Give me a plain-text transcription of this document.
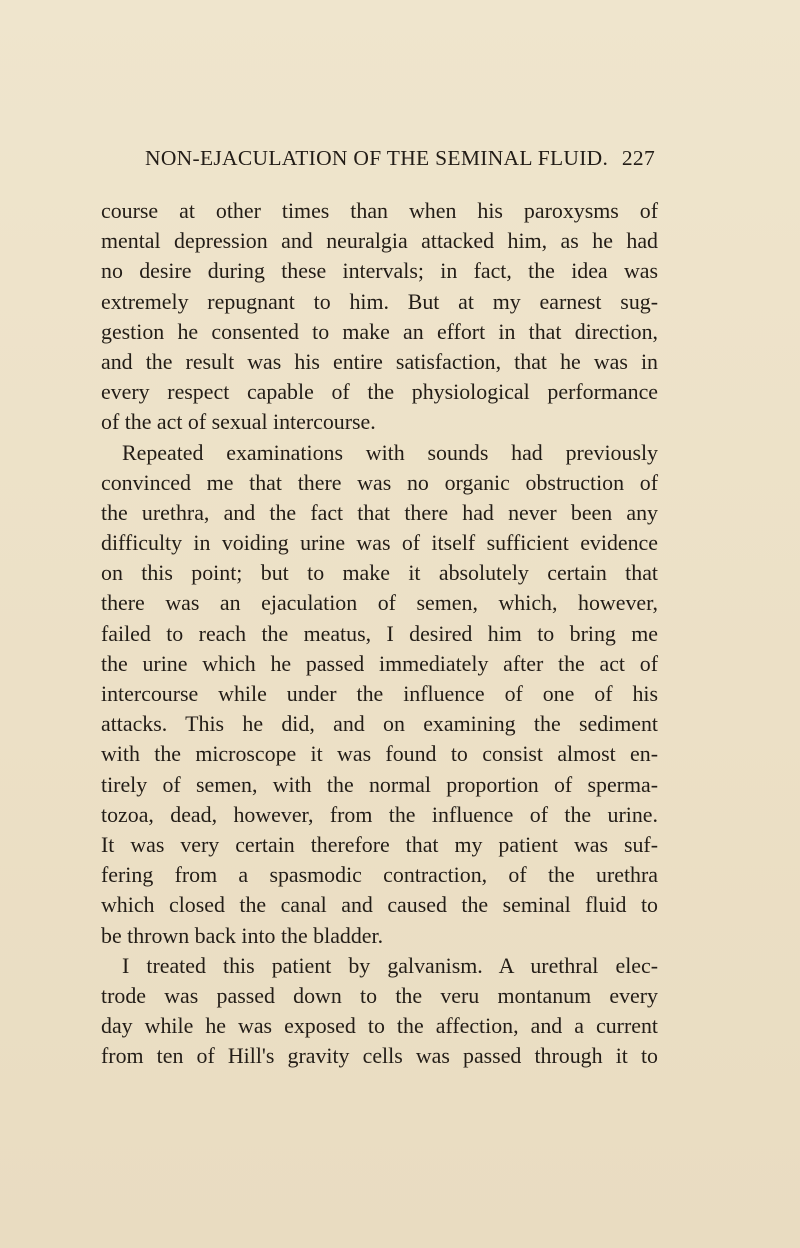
NON-EJACULATION OF THE SEMINAL FLUID. 227
course at other times than when his paroxysms of
mental depression and neuralgia attacked him, as he had
no desire during these intervals; in fact, the idea was
extremely repugnant to him. But at my earnest sug-
gestion he consented to make an effort in that direction,
and the result was his entire satisfaction, that he was in
every respect capable of the physiological performance
of the act of sexual intercourse.
Repeated examinations with sounds had previously
convinced me that there was no organic obstruction of
the urethra, and the fact that there had never been any
difficulty in voiding urine was of itself sufficient evidence
on this point; but to make it absolutely certain that
there was an ejaculation of semen, which, however,
failed to reach the meatus, I desired him to bring me
the urine which he passed immediately after the act of
intercourse while under the influence of one of his
attacks. This he did, and on examining the sediment
with the microscope it was found to consist almost en-
tirely of semen, with the normal proportion of sperma-
tozoa, dead, however, from the influence of the urine.
It was very certain therefore that my patient was suf-
fering from a spasmodic contraction, of the urethra
which closed the canal and caused the seminal fluid to
be thrown back into the bladder.
I treated this patient by galvanism. A urethral elec-
trode was passed down to the veru montanum every
day while he was exposed to the affection, and a current
from ten of Hill's gravity cells was passed through it to
